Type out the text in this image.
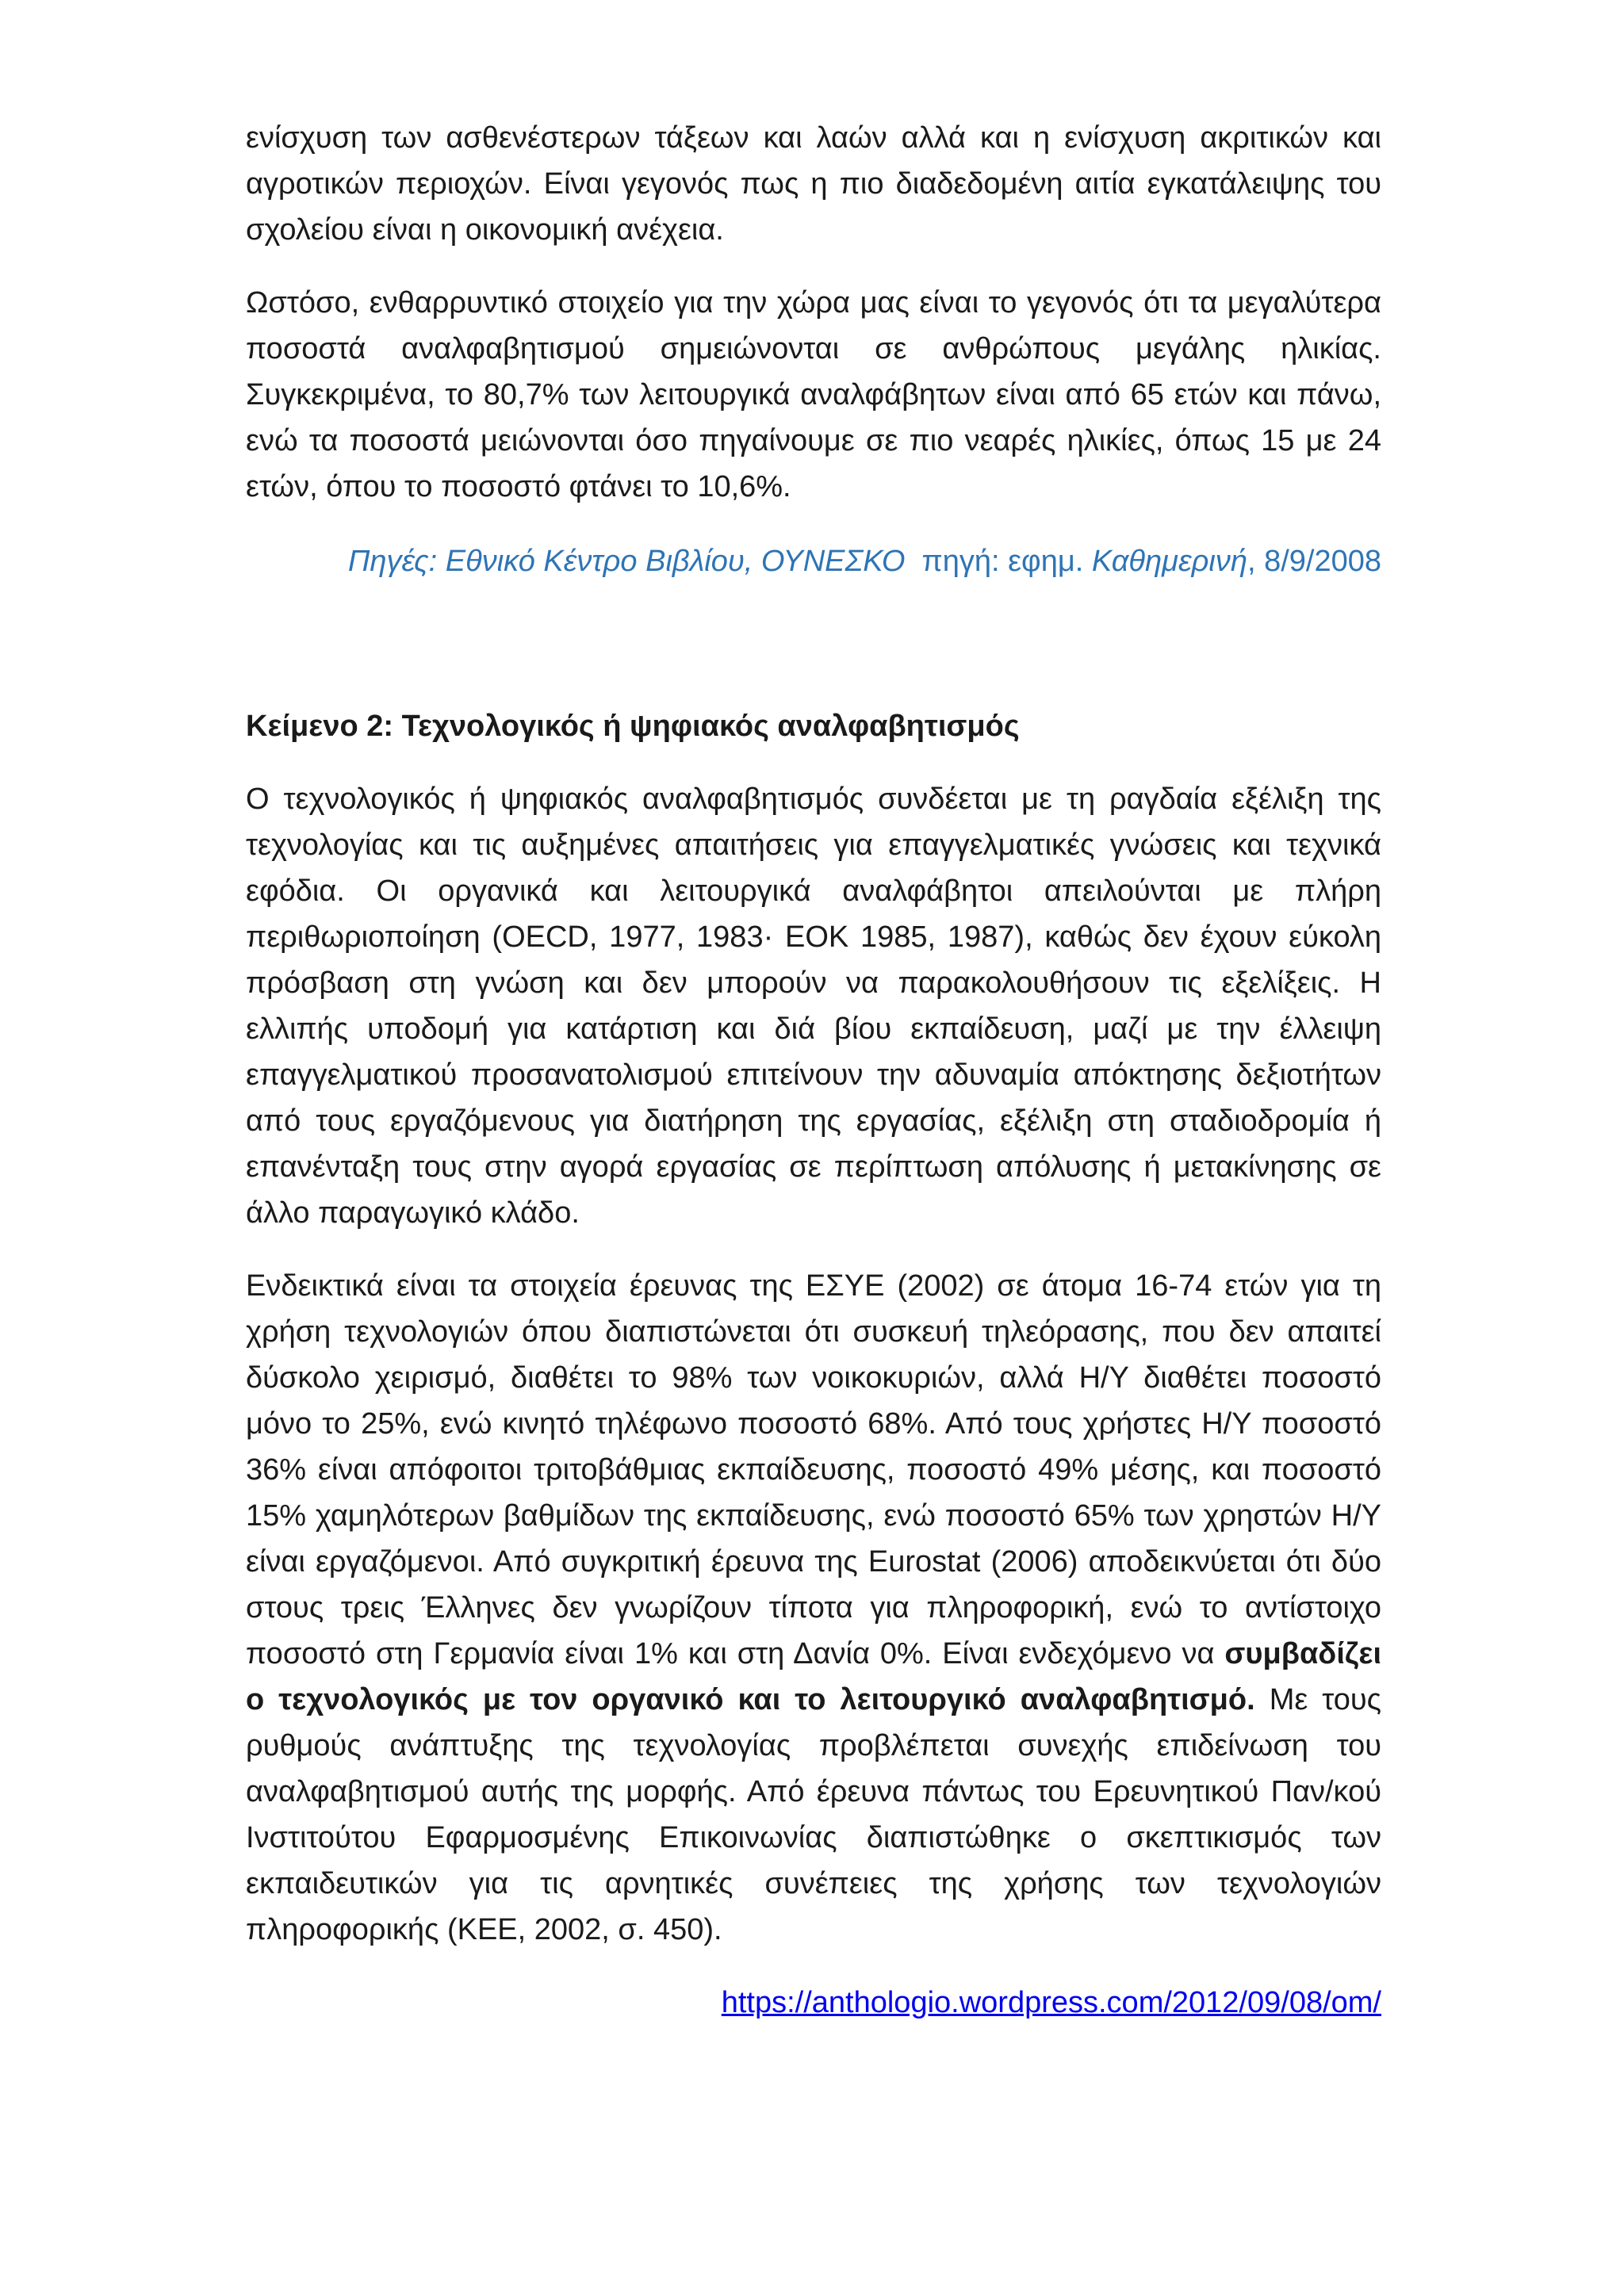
ενίσχυση των ασθενέστερων τάξεων και λαών αλλά και η ενίσχυση ακριτικών και αγροτικών περιοχών. Είναι γεγονός πως η πιο διαδεδομένη αιτία εγκατάλειψης του σχολείου είναι η οικονομική ανέχεια.

Ωστόσο, ενθαρρυντικό στοιχείο για την χώρα μας είναι το γεγονός ότι τα μεγαλύτερα ποσοστά αναλφαβητισμού σημειώνονται σε ανθρώπους μεγάλης ηλικίας. Συγκεκριμένα, το 80,7% των λειτουργικά αναλφάβητων είναι από 65 ετών και πάνω, ενώ τα ποσοστά μειώνονται όσο πηγαίνουμε σε πιο νεαρές ηλικίες, όπως 15 με 24 ετών, όπου το ποσοστό φτάνει το 10,6%.

Πηγές: Εθνικό Κέντρο Βιβλίου, ΟΥΝΕΣΚΟ πηγή: εφημ. Καθημερινή, 8/9/2008

Κείμενο 2: Τεχνολογικός ή ψηφιακός αναλφαβητισμός

Ο τεχνολογικός ή ψηφιακός αναλφαβητισμός συνδέεται με τη ραγδαία εξέλιξη της τεχνολογίας και τις αυξημένες απαιτήσεις για επαγγελματικές γνώσεις και τεχνικά εφόδια. Οι οργανικά και λειτουργικά αναλφάβητοι απειλούνται με πλήρη περιθωριοποίηση (OECD, 1977, 1983· ΕΟΚ 1985, 1987), καθώς δεν έχουν εύκολη πρόσβαση στη γνώση και δεν μπορούν να παρακολουθήσουν τις εξελίξεις. Η ελλιπής υποδομή για κατάρτιση και διά βίου εκπαίδευση, μαζί με την έλλειψη επαγγελματικού προσανατολισμού επιτείνουν την αδυναμία απόκτησης δεξιοτήτων από τους εργαζόμενους για διατήρηση της εργασίας, εξέλιξη στη σταδιοδρομία ή επανένταξη τους στην αγορά εργασίας σε περίπτωση απόλυσης ή μετακίνησης σε άλλο παραγωγικό κλάδο.

Ενδεικτικά είναι τα στοιχεία έρευνας της ΕΣΥΕ (2002) σε άτομα 16-74 ετών για τη χρήση τεχνολογιών όπου διαπιστώνεται ότι συσκευή τηλεόρασης, που δεν απαιτεί δύσκολο χειρισμό, διαθέτει το 98% των νοικοκυριών, αλλά Η/Υ διαθέτει ποσοστό μόνο το 25%, ενώ κινητό τηλέφωνο ποσοστό 68%. Από τους χρήστες Η/Υ ποσοστό 36% είναι απόφοιτοι τριτοβάθμιας εκπαίδευσης, ποσοστό 49% μέσης, και ποσοστό 15% χαμηλότερων βαθμίδων της εκπαίδευσης, ενώ ποσοστό 65% των χρηστών Η/Υ είναι εργαζόμενοι. Από συγκριτική έρευνα της Eurostat (2006) αποδεικνύεται ότι δύο στους τρεις Έλληνες δεν γνωρίζουν τίποτα για πληροφορική, ενώ το αντίστοιχο ποσοστό στη Γερμανία είναι 1% και στη Δανία 0%. Είναι ενδεχόμενο να συμβαδίζει ο τεχνολογικός με τον οργανικό και το λειτουργικό αναλφαβητισμό. Με τους ρυθμούς ανάπτυξης της τεχνολογίας προβλέπεται συνεχής επιδείνωση του αναλφαβητισμού αυτής της μορφής. Από έρευνα πάντως του Ερευνητικού Παν/κού Ινστιτούτου Εφαρμοσμένης Επικοινωνίας διαπιστώθηκε ο σκεπτικισμός των εκπαιδευτικών για τις αρνητικές συνέπειες της χρήσης των τεχνολογιών πληροφορικής (ΚΕΕ, 2002, σ. 450).

https://anthologio.wordpress.com/2012/09/08/om/
